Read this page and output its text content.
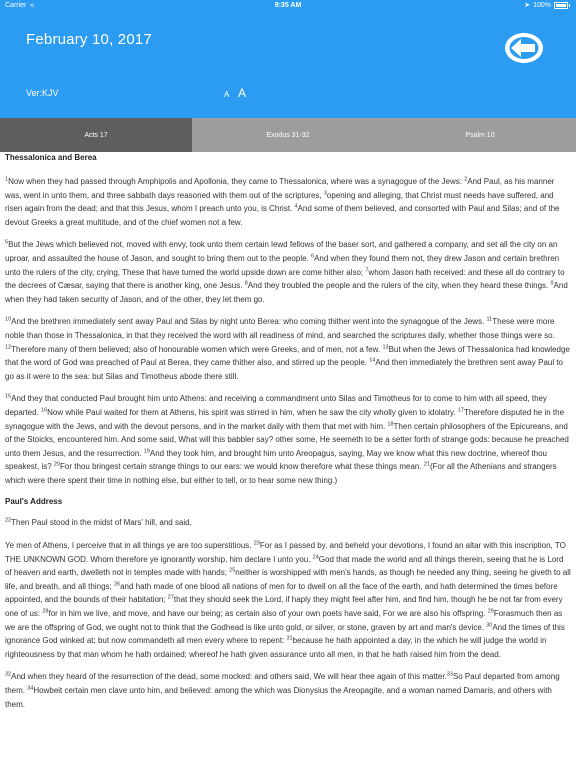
Carrier ≈	9:35 AM	➤ 100%
February 10, 2017
Ver:KJV	A A
Acts 17	Exodus 31-32	Psalm 10
Thessalonica and Berea

$^1$Now when they had passed through Amphipolis and Apollonia, they came to Thessalonica, where was a synagogue of the Jews: $^2$And Paul, as his manner was, went in unto them, and three sabbath days reasoned with them out of the scriptures, $^3$opening and alleging, that Christ must needs have suffered, and risen again from the dead; and that this Jesus, whom I preach unto you, is Christ. $^4$And some of them believed, and consorted with Paul and Silas; and of the devout Greeks a great multitude, and of the chief women not a few.

$^5$But the Jews which believed not, moved with envy, took unto them certain lewd fellows of the baser sort, and gathered a company, and set all the city on an uproar, and assaulted the house of Jason, and sought to bring them out to the people. $^6$And when they found them not, they drew Jason and certain brethren unto the rulers of the city, crying, These that have turned the world upside down are come hither also; $^7$whom Jason hath received: and these all do contrary to the decrees of Cæsar, saying that there is another king, one Jesus. $^8$And they troubled the people and the rulers of the city, when they heard these things. $^9$And when they had taken security of Jason, and of the other, they let them go.

$^{10}$And the brethren immediately sent away Paul and Silas by night unto Berea: who coming thither went into the synagogue of the Jews. $^{11}$These were more noble than those in Thessalonica, in that they received the word with all readiness of mind, and searched the scriptures daily, whether those things were so. $^{12}$Therefore many of them believed; also of honourable women which were Greeks, and of men, not a few. $^{13}$But when the Jews of Thessalonica had knowledge that the word of God was preached of Paul at Berea, they came thither also, and stirred up the people. $^{14}$And then immediately the brethren sent away Paul to go as it were to the sea: but Silas and Timotheus abode there still.

$^{15}$And they that conducted Paul brought him unto Athens: and receiving a commandment unto Silas and Timotheus for to come to him with all speed, they departed. $^{16}$Now while Paul waited for them at Athens, his spirit was stirred in him, when he saw the city wholly given to idolatry. $^{17}$Therefore disputed he in the synagogue with the Jews, and with the devout persons, and in the market daily with them that met with him. $^{18}$Then certain philosophers of the Epicureans, and of the Stoicks, encountered him. And some said, What will this babbler say? other some, He seemeth to be a setter forth of strange gods: because he preached unto them Jesus, and the resurrection. $^{19}$And they took him, and brought him unto Areopagus, saying, May we know what this new doctrine, whereof thou speakest, is? $^{20}$For thou bringest certain strange things to our ears: we would know therefore what these things mean. $^{21}$(For all the Athenians and strangers which were there spent their time in nothing else, but either to tell, or to hear some new thing.)

Paul's Address

$^{22}$Then Paul stood in the midst of Mars' hill, and said,

Ye men of Athens, I perceive that in all things ye are too superstitious. $^{23}$For as I passed by, and beheld your devotions, I found an altar with this inscription, TO THE UNKNOWN GOD. Whom therefore ye ignorantly worship, him declare I unto you. $^{24}$God that made the world and all things therein, seeing that he is Lord of heaven and earth, dwelleth not in temples made with hands; $^{25}$neither is worshipped with men's hands, as though he needed any thing, seeing he giveth to all life, and breath, and all things; $^{26}$and hath made of one blood all nations of men for to dwell on all the face of the earth, and hath determined the times before appointed, and the bounds of their habitation; $^{27}$that they should seek the Lord, if haply they might feel after him, and find him, though he be not far from every one of us: $^{28}$for in him we live, and move, and have our being; as certain also of your own poets have said, For we are also his offspring. $^{29}$Forasmuch then as we are the offspring of God, we ought not to think that the Godhead is like unto gold, or silver, or stone, graven by art and man's device. $^{30}$And the times of this ignorance God winked at; but now commandeth all men every where to repent: $^{31}$because he hath appointed a day, in the which he will judge the world in righteousness by that man whom he hath ordained; whereof he hath given assurance unto all men, in that he hath raised him from the dead.

$^{32}$And when they heard of the resurrection of the dead, some mocked: and others said, We will hear thee again of this matter.$^{33}$So Paul departed from among them. $^{34}$Howbeit certain men clave unto him, and believed: among the which was Dionysius the Areopagite, and a woman named Damaris, and others with them.
